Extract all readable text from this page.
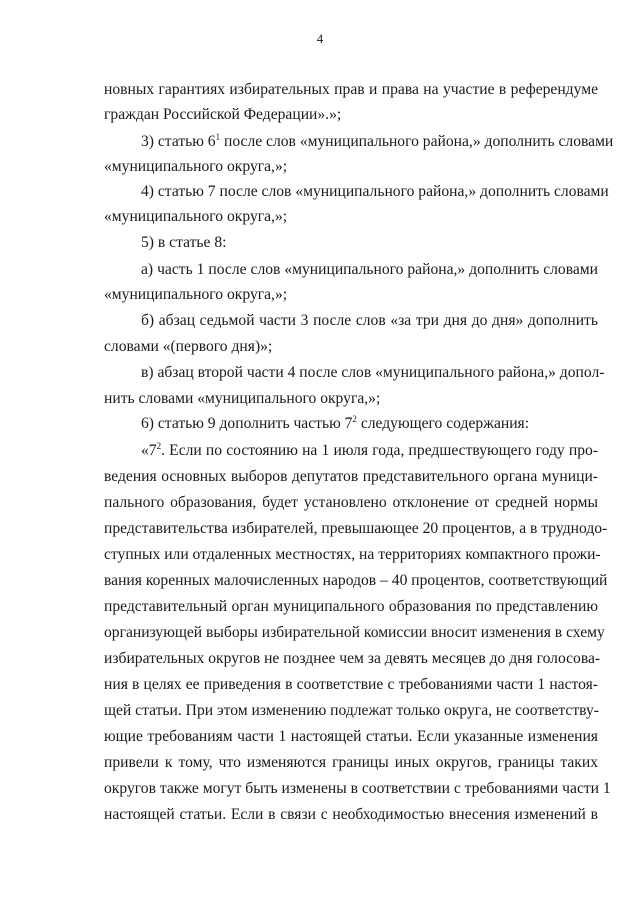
4
новных гарантиях избирательных прав и права на участие в референдуме
граждан Российской Федерации».»;
3) статью $6^1$ после слов «муниципального района,» дополнить словами
«муниципального округа,»;
4) статью 7 после слов «муниципального района,» дополнить словами
«муниципального округа,»;
5) в статье 8:
а) часть 1 после слов «муниципального района,» дополнить словами
«муниципального округа,»;
б) абзац седьмой части 3 после слов «за три дня до дня» дополнить
словами «(первого дня)»;
в) абзац второй части 4 после слов «муниципального района,» допол-
нить словами «муниципального округа,»;
6) статью 9 дополнить частью $7^2$ следующего содержания:
«$7^2$. Если по состоянию на 1 июля года, предшествующего году про-
ведения основных выборов депутатов представительного органа муници-
пального образования, будет установлено отклонение от средней нормы
представительства избирателей, превышающее 20 процентов, а в труднодо-
ступных или отдаленных местностях, на территориях компактного прожи-
вания коренных малочисленных народов – 40 процентов, соответствующий
представительный орган муниципального образования по представлению
организующей выборы избирательной комиссии вносит изменения в схему
избирательных округов не позднее чем за девять месяцев до дня голосова-
ния в целях ее приведения в соответствие с требованиями части 1 настоя-
щей статьи. При этом изменению подлежат только округа, не соответству-
ющие требованиям части 1 настоящей статьи. Если указанные изменения
привели к тому, что изменяются границы иных округов, границы таких
округов также могут быть изменены в соответствии с требованиями части 1
настоящей статьи. Если в связи с необходимостью внесения изменений в
